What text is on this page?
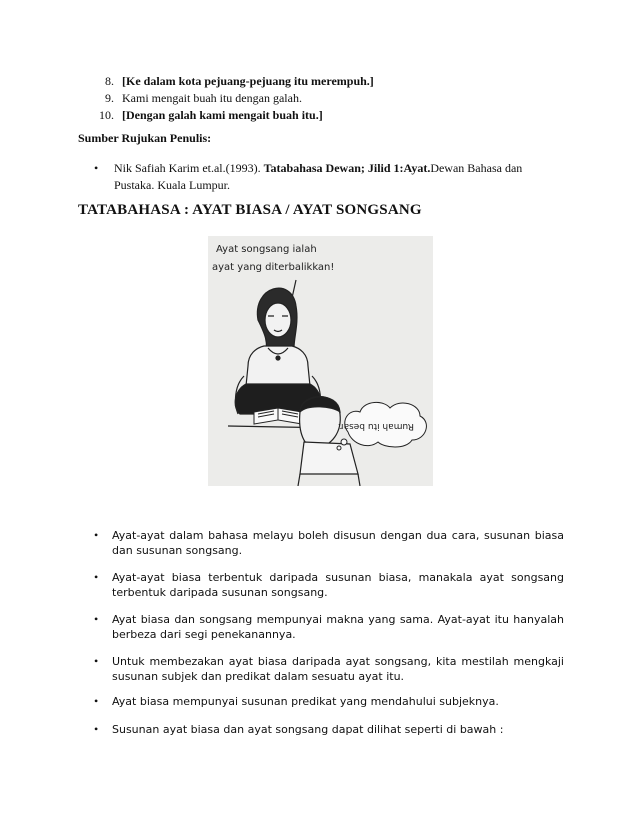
8. [Ke dalam kota pejuang-pejuang itu merempuh.]
9. Kami mengait buah itu dengan galah.
10. [Dengan galah kami mengait buah itu.]
Sumber Rujukan Penulis:
•	Nik Safiah Karim et.al.(1993). Tatabahasa Dewan; Jilid 1:Ayat.Dewan Bahasa dan Pustaka. Kuala Lumpur.
TATABAHASA : AYAT BIASA / AYAT SONGSANG
Ayat songsang ialah
ayat yang diterbalikkan!
Rumah itu besar.
•	Ayat-ayat dalam bahasa melayu boleh disusun dengan dua cara, susunan biasa dan susunan songsang.
•	Ayat-ayat biasa terbentuk daripada susunan biasa, manakala ayat songsang terbentuk daripada susunan songsang.
•	Ayat biasa dan songsang mempunyai makna yang sama. Ayat-ayat itu hanyalah berbeza dari segi penekanannya.
•	Untuk membezakan ayat biasa daripada ayat songsang, kita mestilah mengkaji susunan subjek dan predikat dalam sesuatu ayat itu.
•	Ayat biasa mempunyai susunan predikat yang mendahului subjeknya.
•	Susunan ayat biasa dan ayat songsang dapat dilihat seperti di bawah :
